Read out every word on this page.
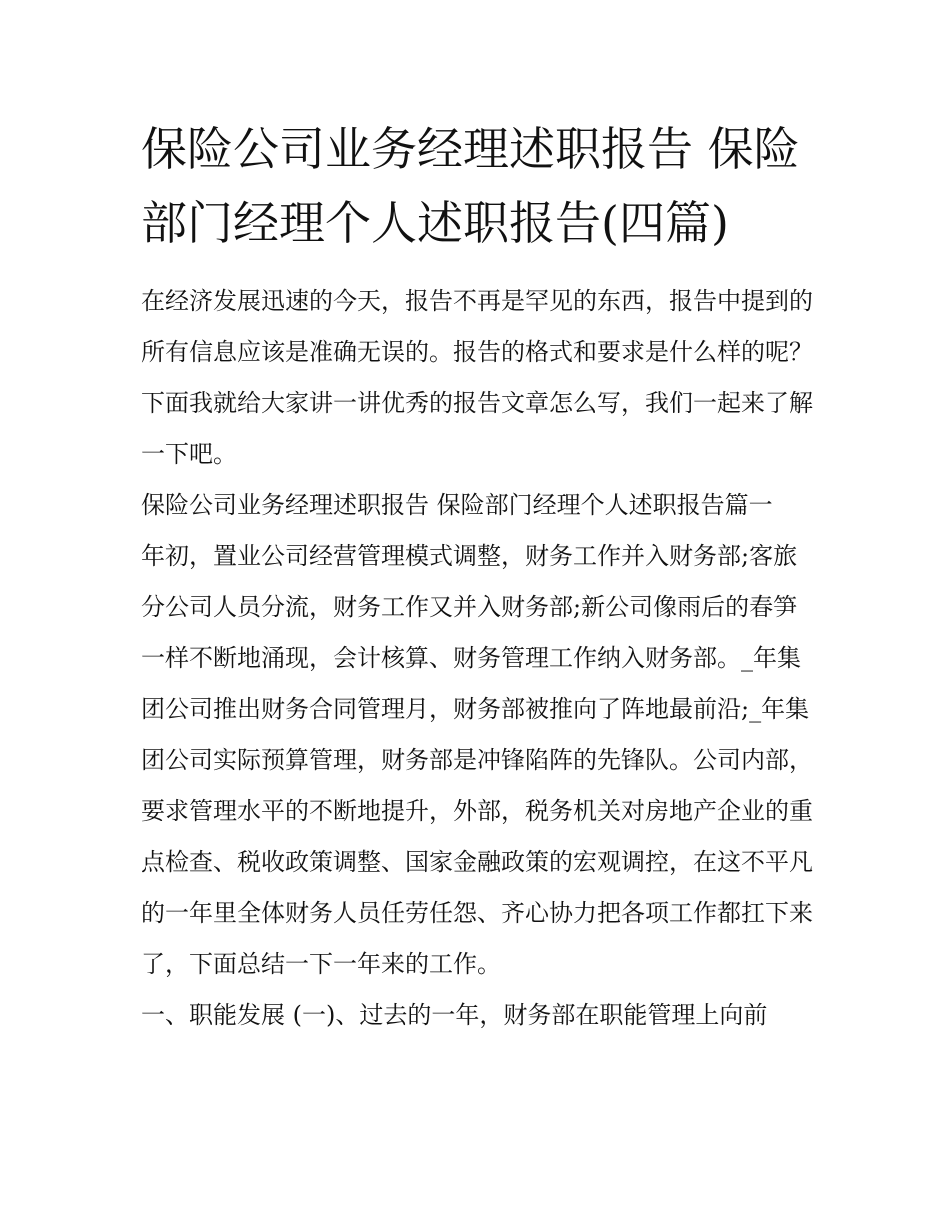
保险公司业务经理述职报告 保险部门经理个人述职报告(四篇)

在经济发展迅速的今天，报告不再是罕见的东西，报告中提到的所有信息应该是准确无误的。报告的格式和要求是什么样的呢？下面我就给大家讲一讲优秀的报告文章怎么写，我们一起来了解一下吧。

保险公司业务经理述职报告 保险部门经理个人述职报告篇一

年初，置业公司经营管理模式调整，财务工作并入财务部;客旅分公司人员分流，财务工作又并入财务部;新公司像雨后的春笋一样不断地涌现，会计核算、财务管理工作纳入财务部。_年集团公司推出财务合同管理月，财务部被推向了阵地最前沿;_年集团公司实际预算管理，财务部是冲锋陷阵的先锋队。公司内部，要求管理水平的不断地提升，外部，税务机关对房地产企业的重点检查、税收政策调整、国家金融政策的宏观调控，在这不平凡的一年里全体财务人员任劳任怨、齐心协力把各项工作都扛下来了，下面总结一下一年来的工作。

一、职能发展 (一)、过去的一年，财务部在职能管理上向前
